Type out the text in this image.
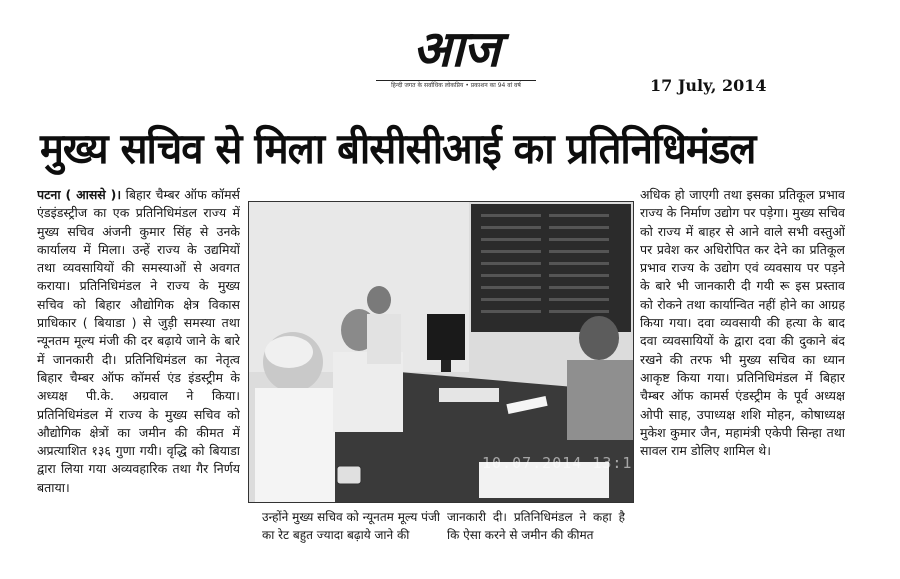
आज
हिन्दी जगत के सर्वाधिक लोकप्रिय • प्रकाशन का 94 वां वर्ष	17 July, 2014
मुख्य सचिव से मिला बीसीसीआई का प्रतिनिधिमंडल
पटना ( आससे )। बिहार चैम्बर ऑफ कॉमर्स एंडइंडस्ट्रीज का एक प्रतिनिधिमंडल राज्य में मुख्य सचिव अंजनी कुमार सिंह से उनके कार्यालय में मिला। उन्हें राज्य के उद्यमियों तथा व्यवसायियों की समस्याओं से अवगत कराया। प्रतिनिधिमंडल ने राज्य के मुख्य सचिव को बिहार औद्योगिक क्षेत्र विकास प्राधिकार ( बियाडा ) से जुड़ी समस्या तथा न्यूनतम मूल्य मंजी की दर बढ़ाये जाने के बारे में जानकारी दी। प्रतिनिधिमंडल का नेतृत्व बिहार चैम्बर ऑफ कॉमर्स एंड इंडस्ट्रीम के अध्यक्ष पी.के. अग्रवाल ने किया। प्रतिनिधिमंडल में राज्य के मुख्य सचिव को औद्योगिक क्षेत्रों का जमीन की कीमत में अप्रत्याशित १३६ गुणा गयी। वृद्धि को बियाडा द्वारा लिया गया अव्यवहारिक तथा गैर निर्णय बताया।
10.07.2014 13:11
उन्होंने मुख्य सचिव को न्यूनतम मूल्य पंजी का रेट बहुत ज्यादा बढ़ाये जाने की
जानकारी दी। प्रतिनिधिमंडल ने कहा है कि ऐसा करने से जमीन की कीमत
अधिक हो जाएगी तथा इसका प्रतिकूल प्रभाव राज्य के निर्माण उद्योग पर पड़ेगा। मुख्य सचिव को राज्य में बाहर से आने वाले सभी वस्तुओं पर प्रवेश कर अधिरोपित कर देने का प्रतिकूल प्रभाव राज्य के उद्योग एवं व्यवसाय पर पड़ने के बारे भी जानकारी दी गयी रू इस प्रस्ताव को रोकने तथा कार्यान्वित नहीं होने का आग्रह किया गया। दवा व्यवसायी की हत्या के बाद दवा व्यवसायियों के द्वारा दवा की दुकाने बंद रखने की तरफ भी मुख्य सचिव का ध्यान आकृष्ट किया गया। प्रतिनिधिमंडल में बिहार चैम्बर ऑफ कामर्स एंडस्ट्रीम के पूर्व अध्यक्ष ओपी साह, उपाध्यक्ष शशि मोहन, कोषाध्यक्ष मुकेश कुमार जैन, महामंत्री एकेपी सिन्हा तथा सावल राम डोलिए शामिल थे।
